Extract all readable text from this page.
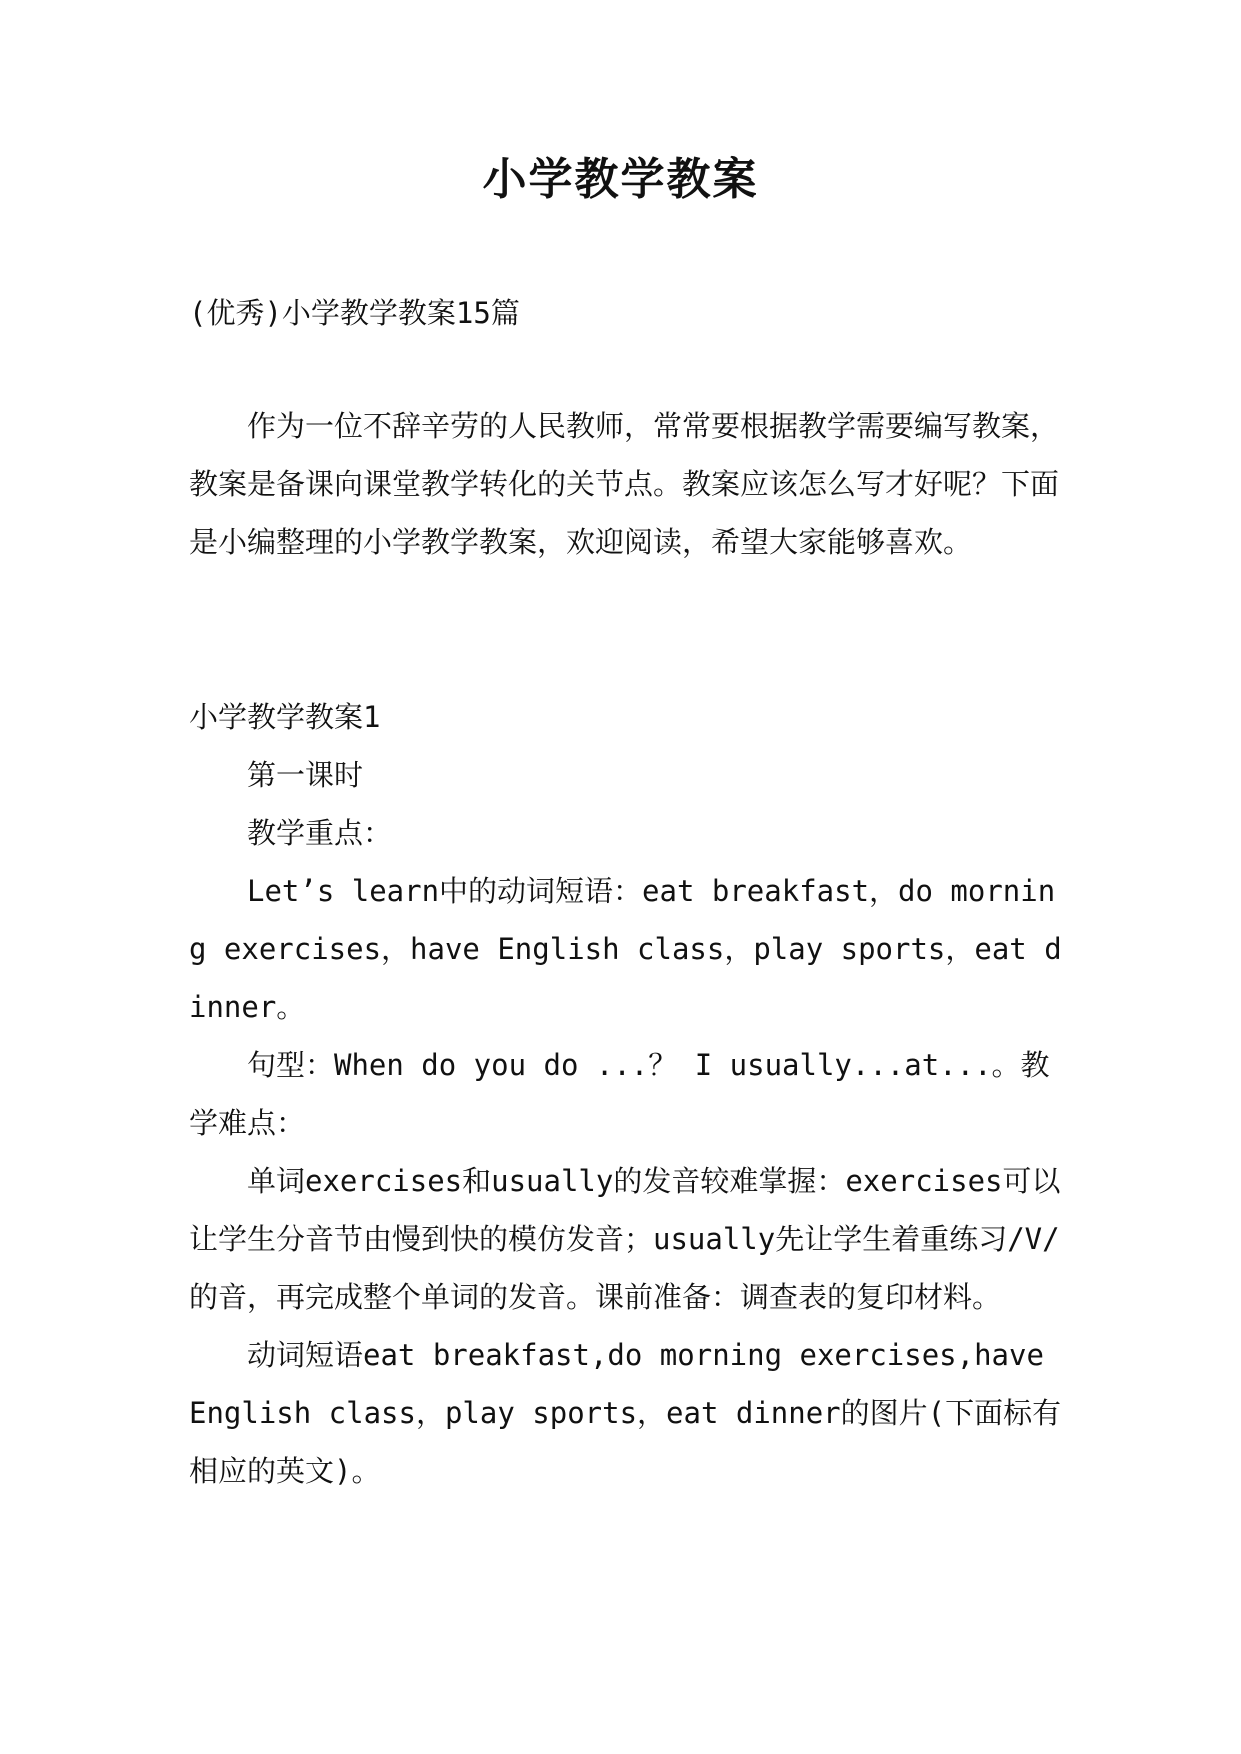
小学教学教案

(优秀)小学教学教案15篇

作为一位不辞辛劳的人民教师，常常要根据教学需要编写教案，教案是备课向课堂教学转化的关节点。教案应该怎么写才好呢？下面是小编整理的小学教学教案，欢迎阅读，希望大家能够喜欢。

小学教学教案1

第一课时

教学重点：

Let’s learn中的动词短语：eat breakfast，do morning exercises，have English class，play sports，eat dinner。

句型：When do you do ...？ I usually...at...。教学难点：

单词exercises和usually的发音较难掌握：exercises可以让学生分音节由慢到快的模仿发音；usually先让学生着重练习/V/的音，再完成整个单词的发音。课前准备：调查表的复印材料。

动词短语eat breakfast,do morning exercises,have English class，play sports，eat dinner的图片(下面标有相应的英文)。
